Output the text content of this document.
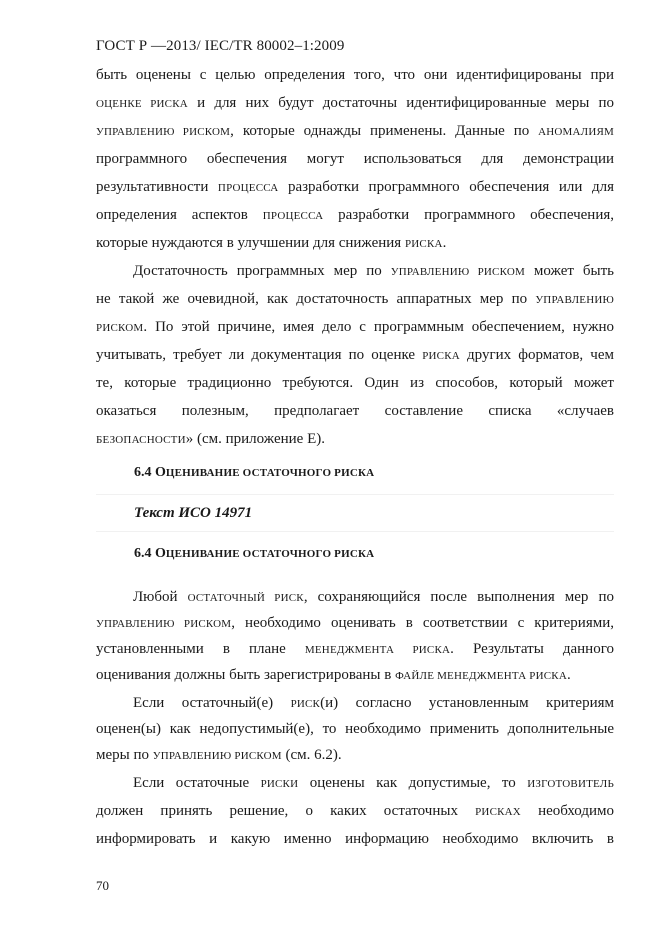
ГОСТ Р —2013/ IEC/TR 80002–1:2009
быть оценены с целью определения того, что они идентифицированы при
ОЦЕНКЕ РИСКА и для них будут достаточны идентифицированные меры по
УПРАВЛЕНИЮ РИСКОМ, которые однажды применены. Данные по АНОМАЛИЯМ
программного обеспечения могут использоваться для демонстрации
результативности ПРОЦЕССА разработки программного обеспечения или для
определения аспектов ПРОЦЕССА разработки программного обеспечения,
которые нуждаются в улучшении для снижения РИСКА.
Достаточность программных мер по УПРАВЛЕНИЮ РИСКОМ может быть
не такой же очевидной, как достаточность аппаратных мер по УПРАВЛЕНИЮ
РИСКОМ. По этой причине, имея дело с программным обеспечением, нужно
учитывать, требует ли документация по оценке РИСКА других форматов, чем
те, которые традиционно требуются. Один из способов, который может
оказаться полезным, предполагает составление списка «случаев
БЕЗОПАСНОСТИ» (см. приложение Е).
6.4 ОЦЕНИВАНИЕ ОСТАТОЧНОГО РИСКА
Текст ИСО 14971
6.4 ОЦЕНИВАНИЕ ОСТАТОЧНОГО РИСКА
Любой ОСТАТОЧНЫЙ РИСК, сохраняющийся после выполнения мер по
УПРАВЛЕНИЮ РИСКОМ, необходимо оценивать в соответствии с критериями,
установленными в плане МЕНЕДЖМЕНТА РИСКА. Результаты данного
оценивания должны быть зарегистрированы в ФАЙЛЕ МЕНЕДЖМЕНТА РИСКА.
Если остаточный(е) РИСК(и) согласно установленным критериям
оценен(ы) как недопустимый(е), то необходимо применить дополнительные
меры по УПРАВЛЕНИЮ РИСКОМ (см. 6.2).
Если остаточные РИСКИ оценены как допустимые, то ИЗГОТОВИТЕЛЬ
должен принять решение, о каких остаточных РИСКАХ необходимо
информировать и какую именно информацию необходимо включить в
70
